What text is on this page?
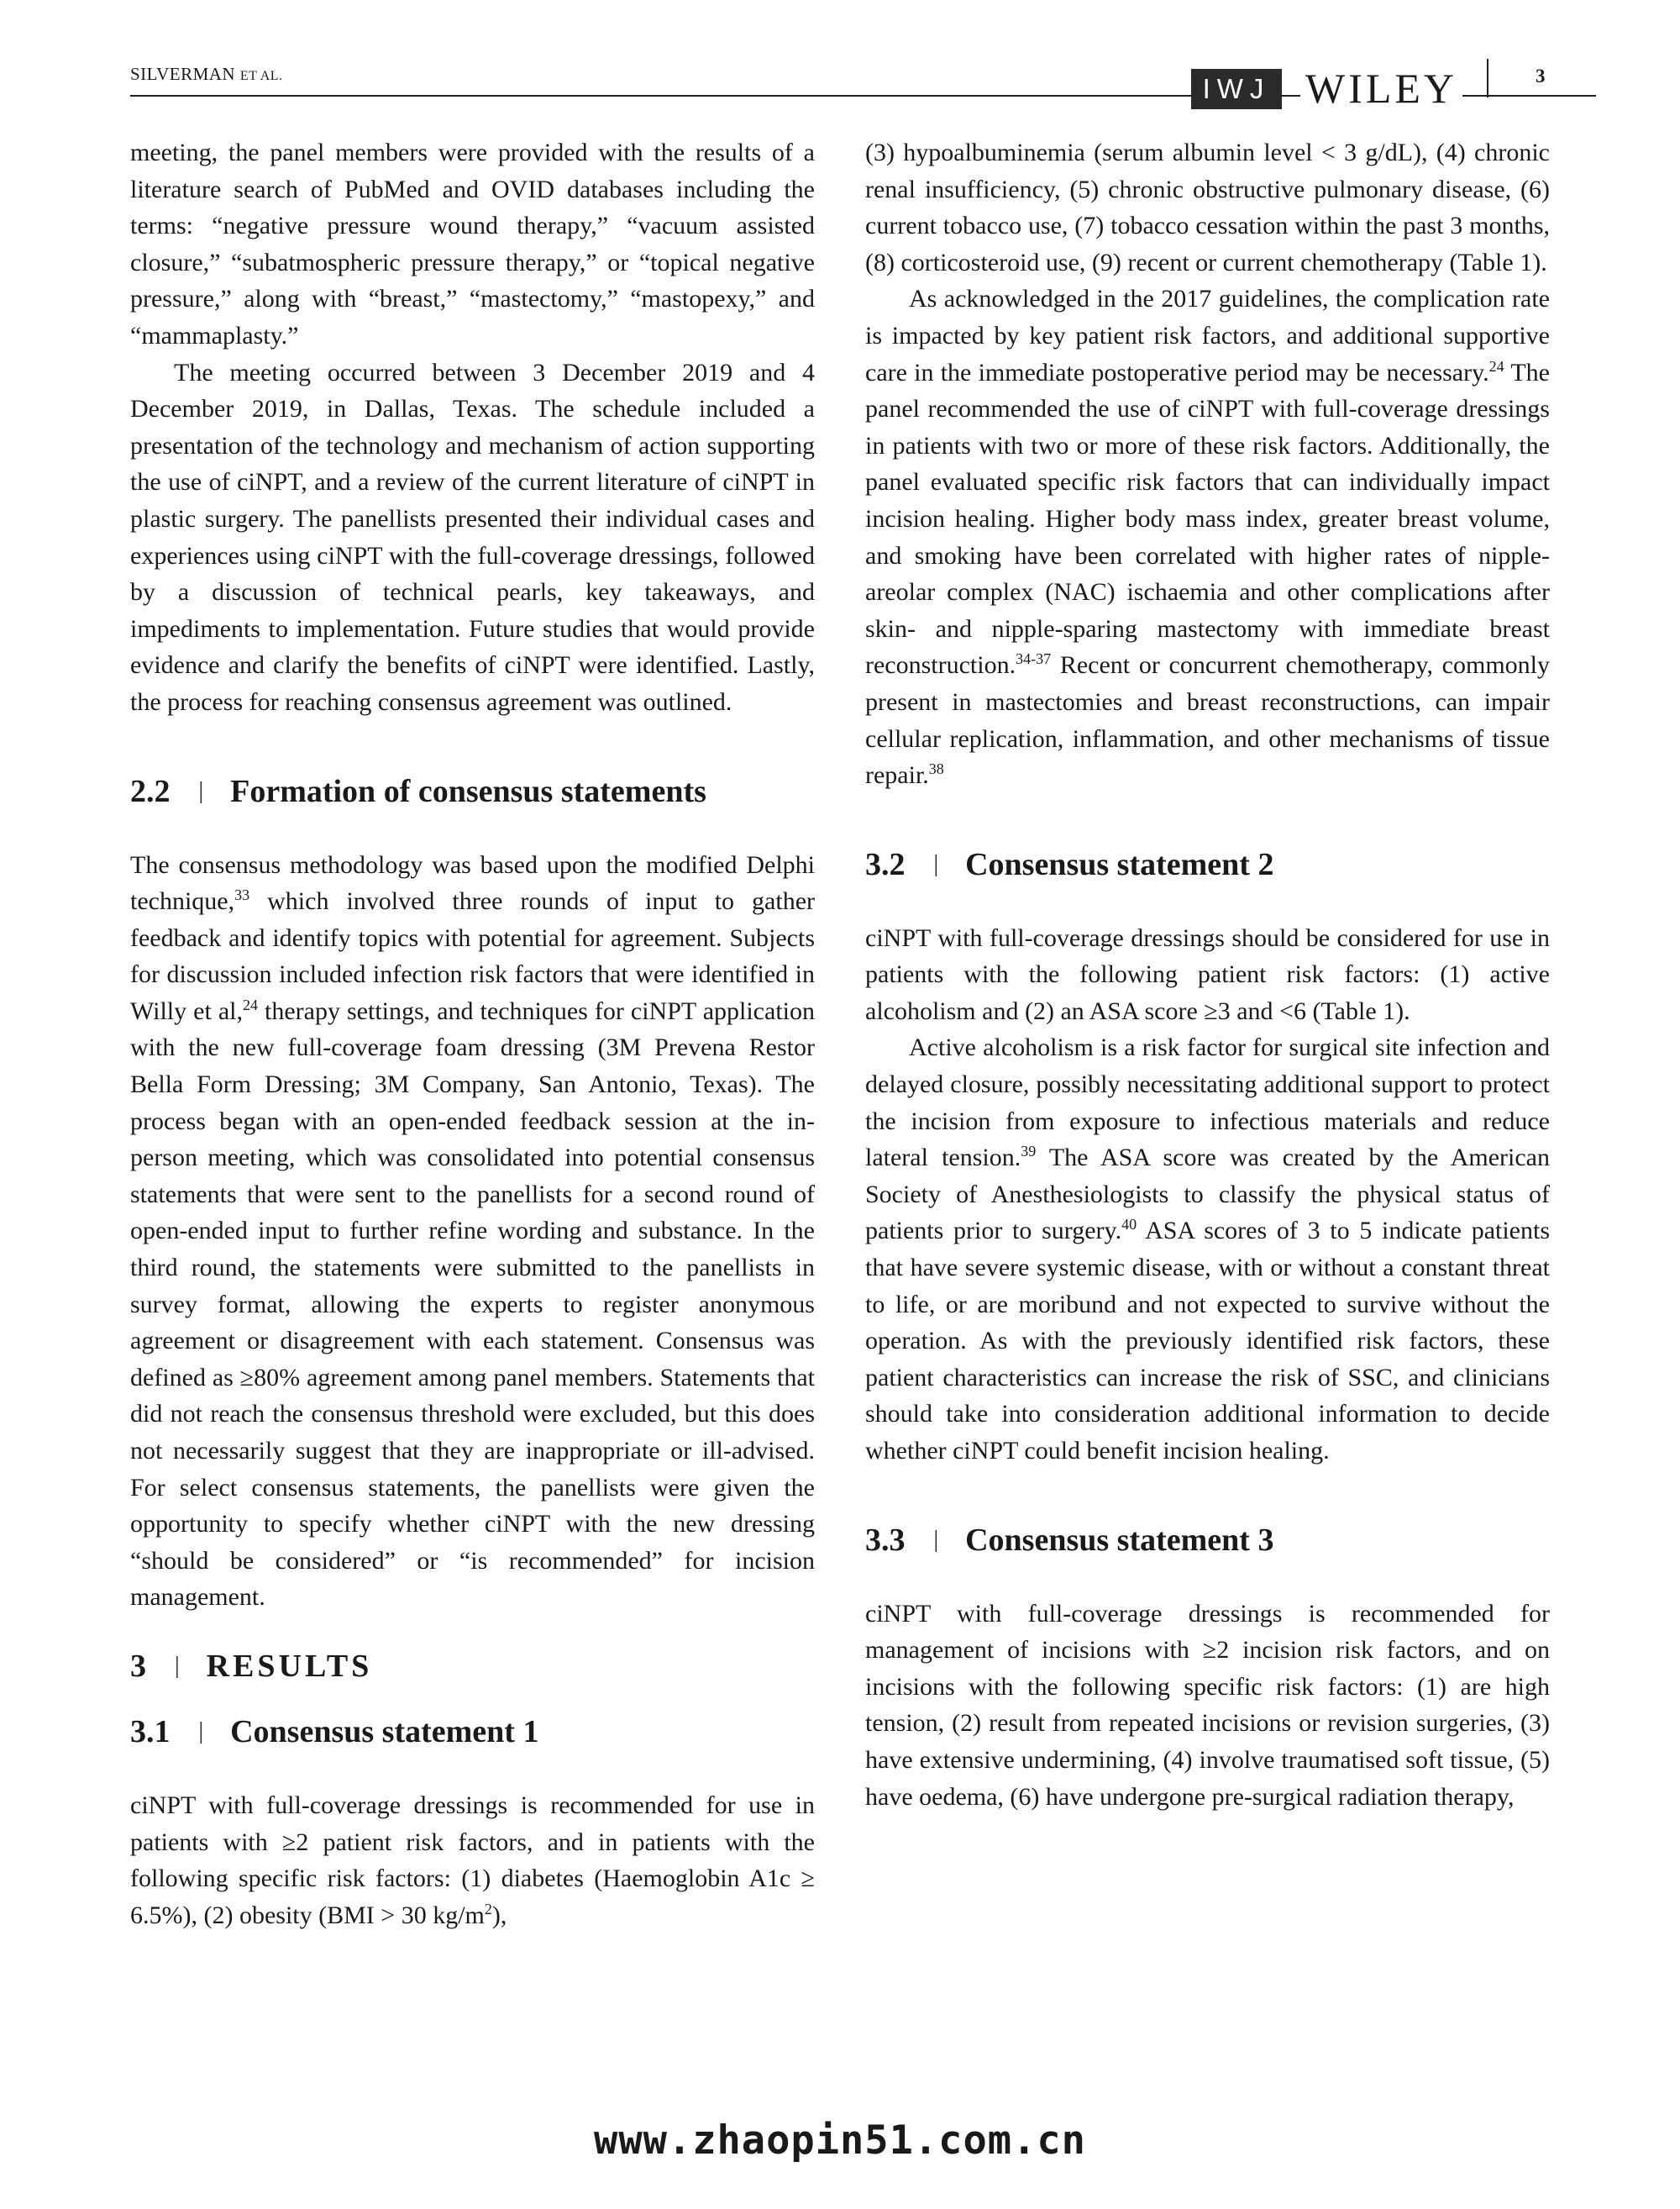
SILVERMAN ET AL.	IWJ WILEY	3

meeting, the panel members were provided with the results of a literature search of PubMed and OVID databases including the terms: “negative pressure wound therapy,” “vacuum assisted closure,” “subatmospheric pressure therapy,” or “topical negative pressure,” along with “breast,” “mastectomy,” “mastopexy,” and “mammaplasty.”

The meeting occurred between 3 December 2019 and 4 December 2019, in Dallas, Texas. The schedule included a presentation of the technology and mechanism of action supporting the use of ciNPT, and a review of the current literature of ciNPT in plastic surgery. The panellists presented their individual cases and experiences using ciNPT with the full-coverage dressings, followed by a discussion of technical pearls, key takeaways, and impediments to implementation. Future studies that would provide evidence and clarify the benefits of ciNPT were identified. Lastly, the process for reaching consensus agreement was outlined.

2.2 | Formation of consensus statements

The consensus methodology was based upon the modified Delphi technique,$^{33}$ which involved three rounds of input to gather feedback and identify topics with potential for agreement. Subjects for discussion included infection risk factors that were identified in Willy et al,$^{24}$ therapy settings, and techniques for ciNPT application with the new full-coverage foam dressing (3M Prevena Restor Bella Form Dressing; 3M Company, San Antonio, Texas). The process began with an open-ended feedback session at the in-person meeting, which was consolidated into potential consensus statements that were sent to the panellists for a second round of open-ended input to further refine wording and substance. In the third round, the statements were submitted to the panellists in survey format, allowing the experts to register anonymous agreement or disagreement with each statement. Consensus was defined as ≥80% agreement among panel members. Statements that did not reach the consensus threshold were excluded, but this does not necessarily suggest that they are inappropriate or ill-advised. For select consensus statements, the panellists were given the opportunity to specify whether ciNPT with the new dressing “should be considered” or “is recommended” for incision management.

3 | RESULTS
3.1 | Consensus statement 1

ciNPT with full-coverage dressings is recommended for use in patients with ≥2 patient risk factors, and in patients with the following specific risk factors: (1) diabetes (Haemoglobin A1c ≥ 6.5%), (2) obesity (BMI > 30 $kg/m^2$),

(3) hypoalbuminemia (serum albumin level < 3 g/dL), (4) chronic renal insufficiency, (5) chronic obstructive pulmonary disease, (6) current tobacco use, (7) tobacco cessation within the past 3 months, (8) corticosteroid use, (9) recent or current chemotherapy (Table 1).

As acknowledged in the 2017 guidelines, the complication rate is impacted by key patient risk factors, and additional supportive care in the immediate postoperative period may be necessary.$^{24}$ The panel recommended the use of ciNPT with full-coverage dressings in patients with two or more of these risk factors. Additionally, the panel evaluated specific risk factors that can individually impact incision healing. Higher body mass index, greater breast volume, and smoking have been correlated with higher rates of nipple-areolar complex (NAC) ischaemia and other complications after skin- and nipple-sparing mastectomy with immediate breast reconstruction.$^{34-37}$ Recent or concurrent chemotherapy, commonly present in mastectomies and breast reconstructions, can impair cellular replication, inflammation, and other mechanisms of tissue repair.$^{38}$

3.2 | Consensus statement 2

ciNPT with full-coverage dressings should be considered for use in patients with the following patient risk factors: (1) active alcoholism and (2) an ASA score ≥3 and <6 (Table 1).

Active alcoholism is a risk factor for surgical site infection and delayed closure, possibly necessitating additional support to protect the incision from exposure to infectious materials and reduce lateral tension.$^{39}$ The ASA score was created by the American Society of Anesthesiologists to classify the physical status of patients prior to surgery.$^{40}$ ASA scores of 3 to 5 indicate patients that have severe systemic disease, with or without a constant threat to life, or are moribund and not expected to survive without the operation. As with the previously identified risk factors, these patient characteristics can increase the risk of SSC, and clinicians should take into consideration additional information to decide whether ciNPT could benefit incision healing.

3.3 | Consensus statement 3

ciNPT with full-coverage dressings is recommended for management of incisions with ≥2 incision risk factors, and on incisions with the following specific risk factors: (1) are high tension, (2) result from repeated incisions or revision surgeries, (3) have extensive undermining, (4) involve traumatised soft tissue, (5) have oedema, (6) have undergone pre-surgical radiation therapy,

www.zhaopin51.com.cn
